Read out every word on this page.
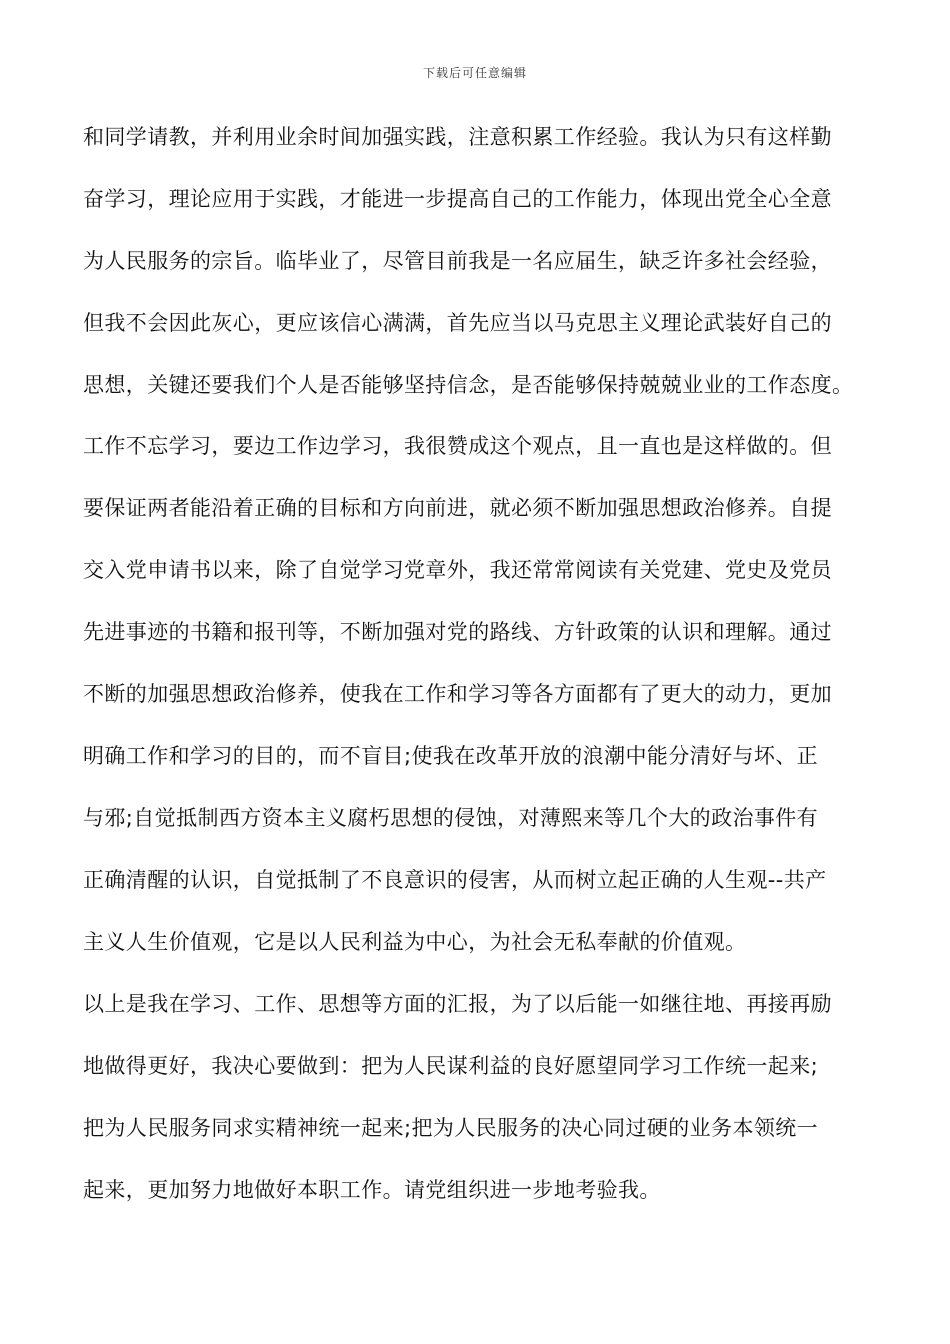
下载后可任意编辑
和同学请教，并利用业余时间加强实践，注意积累工作经验。我认为只有这样勤
奋学习，理论应用于实践，才能进一步提高自己的工作能力，体现出党全心全意
为人民服务的宗旨。临毕业了，尽管目前我是一名应届生，缺乏许多社会经验，
但我不会因此灰心，更应该信心满满，首先应当以马克思主义理论武装好自己的
思想，关键还要我们个人是否能够坚持信念，是否能够保持兢兢业业的工作态度。
工作不忘学习，要边工作边学习，我很赞成这个观点，且一直也是这样做的。但
要保证两者能沿着正确的目标和方向前进，就必须不断加强思想政治修养。自提
交入党申请书以来，除了自觉学习党章外，我还常常阅读有关党建、党史及党员
先进事迹的书籍和报刊等，不断加强对党的路线、方针政策的认识和理解。通过
不断的加强思想政治修养，使我在工作和学习等各方面都有了更大的动力，更加
明确工作和学习的目的，而不盲目;使我在改革开放的浪潮中能分清好与坏、正
与邪;自觉抵制西方资本主义腐朽思想的侵蚀，对薄熙来等几个大的政治事件有
正确清醒的认识，自觉抵制了不良意识的侵害，从而树立起正确的人生观--共产
主义人生价值观，它是以人民利益为中心，为社会无私奉献的价值观。
以上是我在学习、工作、思想等方面的汇报，为了以后能一如继往地、再接再励
地做得更好，我决心要做到：把为人民谋利益的良好愿望同学习工作统一起来;
把为人民服务同求实精神统一起来;把为人民服务的决心同过硬的业务本领统一
起来，更加努力地做好本职工作。请党组织进一步地考验我。
